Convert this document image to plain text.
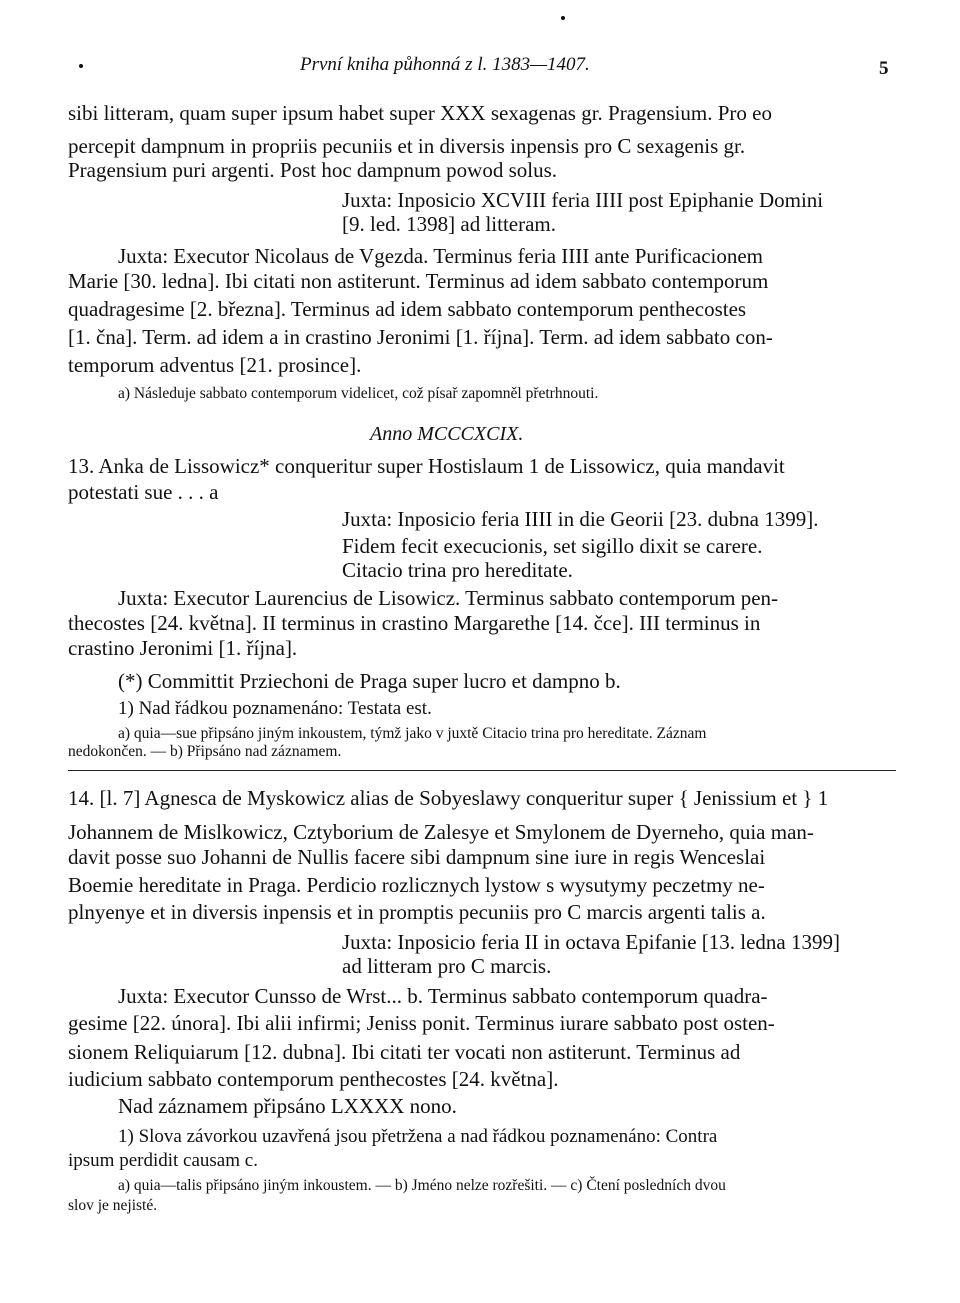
První kniha půhonná z l. 1383—1407.	5
sibi litteram, quam super ipsum habet super XXX sexagenas gr. Pragensium. Pro eo
percepit dampnum in propriis pecuniis et in diversis inpensis pro C sexagenis gr.
Pragensium puri argenti. Post hoc dampnum powod solus.
Juxta: Inposicio XCVIII feria IIII post Epiphanie Domini
[9. led. 1398] ad litteram.
Juxta: Executor Nicolaus de Vgezda. Terminus feria IIII ante Purificacionem
Marie [30. ledna]. Ibi citati non astiterunt. Terminus ad idem sabbato contemporum
quadragesime [2. března]. Terminus ad idem sabbato contemporum penthecostes
[1. čna]. Term. ad idem a in crastino Jeronimi [1. října]. Term. ad idem sabbato con-
temporum adventus [21. prosince].
a) Následuje sabbato contemporum videlicet, což písař zapomněl přetrhnouti.
Anno MCCCXCIX.
13. Anka de Lissowicz* conqueritur super Hostislaum 1 de Lissowicz, quia mandavit
potestati sue . . . a
Juxta: Inposicio feria IIII in die Georii [23. dubna 1399].
Fidem fecit execucionis, set sigillo dixit se carere.
Citacio trina pro hereditate.
Juxta: Executor Laurencius de Lisowicz. Terminus sabbato contemporum pen-
thecostes [24. května]. II terminus in crastino Margarethe [14. čce]. III terminus in
crastino Jeronimi [1. října].
(*) Committit Prziechoni de Praga super lucro et dampno b.
1) Nad řádkou poznamenáno: Testata est.
a) quia—sue připsáno jiným inkoustem, týmž jako v juxtě Citacio trina pro hereditate. Záznam
nedokončen. — b) Připsáno nad záznamem.
14. [l. 7] Agnesca de Myskowicz alias de Sobyeslawy conqueritur super { Jenissium et } 1
Johannem de Mislkowicz, Cztyborium de Zalesye et Smylonem de Dyerneho, quia man-
davit posse suo Johanni de Nullis facere sibi dampnum sine iure in regis Wenceslai
Boemie hereditate in Praga. Perdicio rozlicznych lystow s wysutymy peczetmy ne-
plnyenye et in diversis inpensis et in promptis pecuniis pro C marcis argenti talis a.
Juxta: Inposicio feria II in octava Epifanie [13. ledna 1399]
ad litteram pro C marcis.
Juxta: Executor Cunsso de Wrst... b. Terminus sabbato contemporum quadra-
gesime [22. února]. Ibi alii infirmi; Jeniss ponit. Terminus iurare sabbato post osten-
sionem Reliquiarum [12. dubna]. Ibi citati ter vocati non astiterunt. Terminus ad
iudicium sabbato contemporum penthecostes [24. května].
Nad záznamem připsáno LXXXX nono.
1) Slova závorkou uzavřená jsou přetržena a nad řádkou poznamenáno: Contra
ipsum perdidit causam c.
a) quia—talis připsáno jiným inkoustem. — b) Jméno nelze rozřešiti. — c) Čtení posledních dvou
slov je nejisté.
